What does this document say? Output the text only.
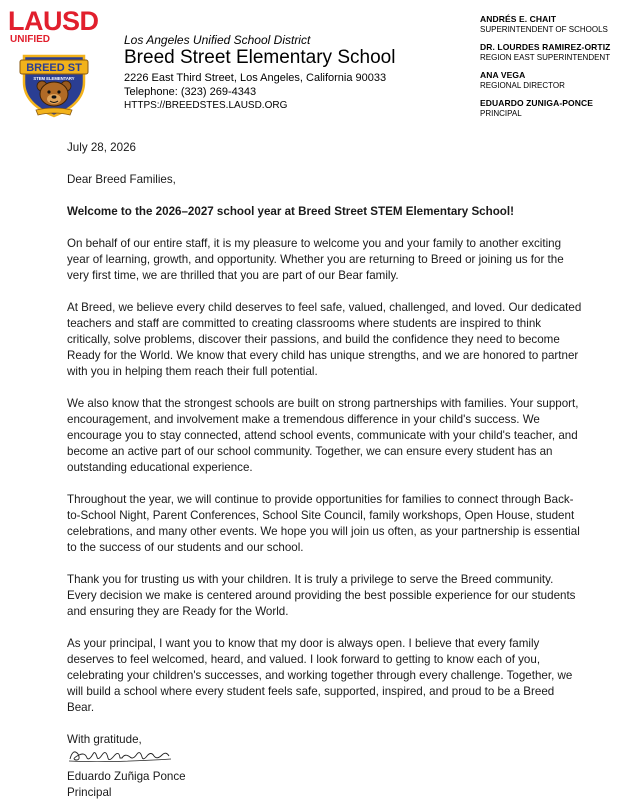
LAUSD
UNIFIED
BREED ST
STEM ELEMENTARY
Los Angeles Unified School District
Breed Street Elementary School
2226 East Third Street, Los Angeles, California 90033
Telephone: (323) 269-4343
HTTPS://BREEDSTES.LAUSD.ORG
ANDRÉS E. CHAIT
SUPERINTENDENT OF SCHOOLS
DR. LOURDES RAMIREZ-ORTIZ
REGION EAST SUPERINTENDENT
ANA VEGA
REGIONAL DIRECTOR
EDUARDO ZUNIGA-PONCE
PRINCIPAL
July 28, 2026
Dear Breed Families,
Welcome to the 2026–2027 school year at Breed Street STEM Elementary School!

On behalf of our entire staff, it is my pleasure to welcome you and your family to another exciting year of learning, growth, and opportunity. Whether you are returning to Breed or joining us for the very first time, we are thrilled that you are part of our Bear family.

At Breed, we believe every child deserves to feel safe, valued, challenged, and loved. Our dedicated teachers and staff are committed to creating classrooms where students are inspired to think critically, solve problems, discover their passions, and build the confidence they need to become Ready for the World. We know that every child has unique strengths, and we are honored to partner with you in helping them reach their full potential.

We also know that the strongest schools are built on strong partnerships with families. Your support, encouragement, and involvement make a tremendous difference in your child's success. We encourage you to stay connected, attend school events, communicate with your child's teacher, and become an active part of our school community. Together, we can ensure every student has an outstanding educational experience.

Throughout the year, we will continue to provide opportunities for families to connect through Back-to-School Night, Parent Conferences, School Site Council, family workshops, Open House, student celebrations, and many other events. We hope you will join us often, as your partnership is essential to the success of our students and our school.

Thank you for trusting us with your children. It is truly a privilege to serve the Breed community. Every decision we make is centered around providing the best possible experience for our students and ensuring they are Ready for the World.

As your principal, I want you to know that my door is always open. I believe that every family deserves to feel welcomed, heard, and valued. I look forward to getting to know each of you, celebrating your children's successes, and working together through every challenge. Together, we will build a school where every student feels safe, supported, inspired, and proud to be a Breed Bear.

With gratitude,
Eduardo Zuñiga Ponce
Principal
